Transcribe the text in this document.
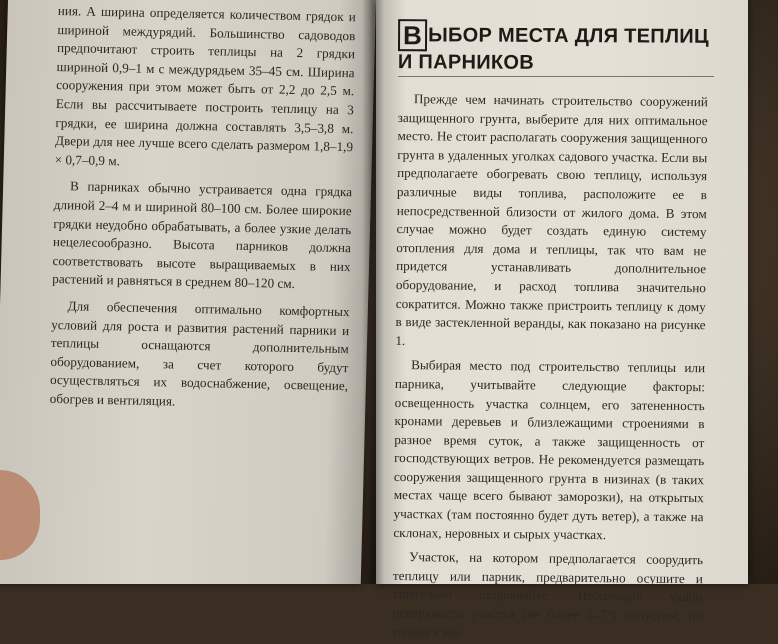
ния. А ширина определяется количеством грядок и шириной междурядий. Большинство садоводов предпочитают строить теплицы на 2 грядки шириной 0,9–1 м с междурядьем 35–45 см. Ширина сооружения при этом может быть от 2,2 до 2,5 м. Если вы рассчитываете построить теплицу на 3 грядки, ее ширина должна составлять 3,5–3,8 м. Двери для нее лучше всего сделать размером 1,8–1,9 × 0,7–0,9 м.

В парниках обычно устраивается одна грядка длиной 2–4 м и шириной 80–100 см. Более широкие грядки неудобно обрабатывать, а более узкие делать нецелесообразно. Высота парников должна соответствовать высоте выращиваемых в них растений и равняться в среднем 80–120 см.

Для обеспечения оптимально комфортных условий для роста и развития растений парники и теплицы оснащаются дополнительным оборудованием, за счет которого будут осуществляться их водоснабжение, освещение, обогрев и вентиляция.

В ЫБОР МЕСТА ДЛЯ ТЕПЛИЦ И ПАРНИКОВ

Прежде чем начинать строительство сооружений защищенного грунта, выберите для них оптимальное место. Не стоит располагать сооружения защищенного грунта в удаленных уголках садового участка. Если вы предполагаете обогревать свою теплицу, используя различные виды топлива, расположите ее в непосредственной близости от жилого дома. В этом случае можно будет создать единую систему отопления для дома и теплицы, так что вам не придется устанавливать дополнительное оборудование, и расход топлива значительно сократится. Можно также пристроить теплицу к дому в виде застекленной веранды, как показано на рисунке 1.

Выбирая место под строительство теплицы или парника, учитывайте следующие факторы: освещенность участка солнцем, его затененность кронами деревьев и близлежащими строениями в разное время суток, а также защищенность от господствующих ветров. Не рекомендуется размещать сооружения защищенного грунта в низинах (в таких местах чаще всего бывают заморозки), на открытых участках (там постоянно будет дуть ветер), а также на склонах, неровных и сырых участках.

Участок, на котором предполагается соорудить теплицу или парник, предварительно осушите и тщательно разровняйте. Небольшой уклон поверхности участка (не более 5–7°) допустим, но только в юж-
